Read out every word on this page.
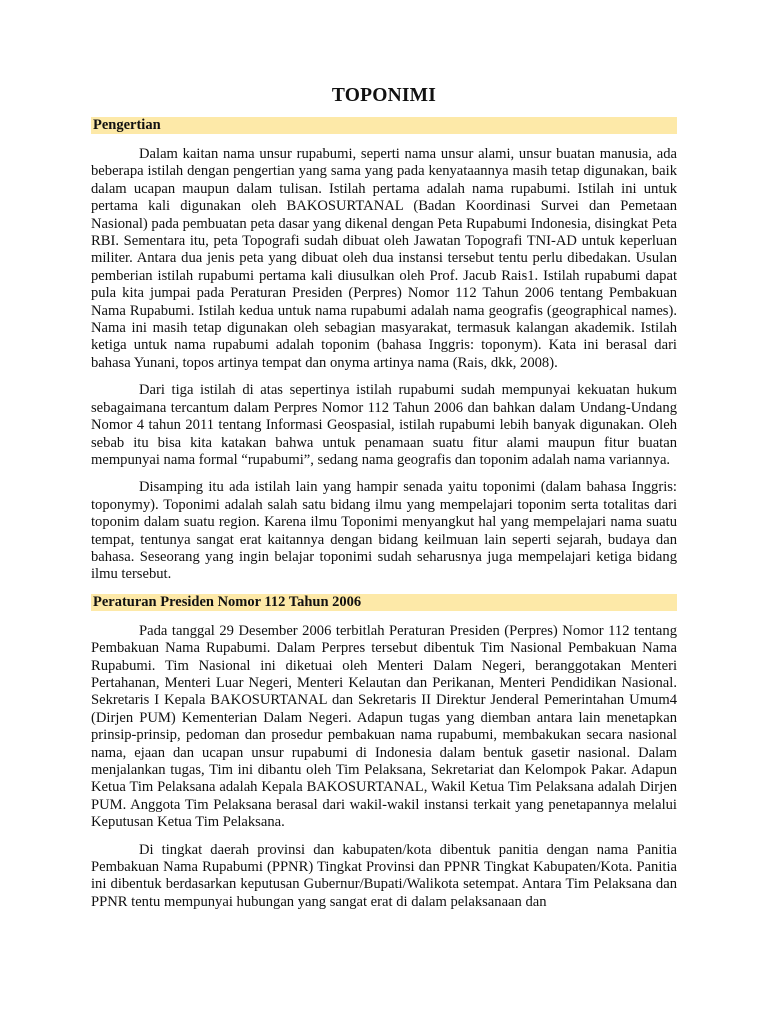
TOPONIMI
Pengertian

Dalam kaitan nama unsur rupabumi, seperti nama unsur alami, unsur buatan manusia, ada beberapa istilah dengan pengertian yang sama yang pada kenyataannya masih tetap digunakan, baik dalam ucapan maupun dalam tulisan. Istilah pertama adalah nama rupabumi. Istilah ini untuk pertama kali digunakan oleh BAKOSURTANAL (Badan Koordinasi Survei dan Pemetaan Nasional) pada pembuatan peta dasar yang dikenal dengan Peta Rupabumi Indonesia, disingkat Peta RBI. Sementara itu, peta Topografi sudah dibuat oleh Jawatan Topografi TNI-AD untuk keperluan militer. Antara dua jenis peta yang dibuat oleh dua instansi tersebut tentu perlu dibedakan. Usulan pemberian istilah rupabumi pertama kali diusulkan oleh Prof. Jacub Rais1. Istilah rupabumi dapat pula kita jumpai pada Peraturan Presiden (Perpres) Nomor 112 Tahun 2006 tentang Pembakuan Nama Rupabumi. Istilah kedua untuk nama rupabumi adalah nama geografis (geographical names). Nama ini masih tetap digunakan oleh sebagian masyarakat, termasuk kalangan akademik. Istilah ketiga untuk nama rupabumi adalah toponim (bahasa Inggris: toponym). Kata ini berasal dari bahasa Yunani, topos artinya tempat dan onyma artinya nama (Rais, dkk, 2008).

Dari tiga istilah di atas sepertinya istilah rupabumi sudah mempunyai kekuatan hukum sebagaimana tercantum dalam Perpres Nomor 112 Tahun 2006 dan bahkan dalam Undang-Undang Nomor 4 tahun 2011 tentang Informasi Geospasial, istilah rupabumi lebih banyak digunakan. Oleh sebab itu bisa kita katakan bahwa untuk penamaan suatu fitur alami maupun fitur buatan mempunyai nama formal “rupabumi”, sedang nama geografis dan toponim adalah nama variannya.

Disamping itu ada istilah lain yang hampir senada yaitu toponimi (dalam bahasa Inggris: toponymy). Toponimi adalah salah satu bidang ilmu yang mempelajari toponim serta totalitas dari toponim dalam suatu region. Karena ilmu Toponimi menyangkut hal yang mempelajari nama suatu tempat, tentunya sangat erat kaitannya dengan bidang keilmuan lain seperti sejarah, budaya dan bahasa. Seseorang yang ingin belajar toponimi sudah seharusnya juga mempelajari ketiga bidang ilmu tersebut.

Peraturan Presiden Nomor 112 Tahun 2006

Pada tanggal 29 Desember 2006 terbitlah Peraturan Presiden (Perpres) Nomor 112 tentang Pembakuan Nama Rupabumi. Dalam Perpres tersebut dibentuk Tim Nasional Pembakuan Nama Rupabumi. Tim Nasional ini diketuai oleh Menteri Dalam Negeri, beranggotakan Menteri Pertahanan, Menteri Luar Negeri, Menteri Kelautan dan Perikanan, Menteri Pendidikan Nasional. Sekretaris I Kepala BAKOSURTANAL dan Sekretaris II Direktur Jenderal Pemerintahan Umum4 (Dirjen PUM) Kementerian Dalam Negeri. Adapun tugas yang diemban antara lain menetapkan prinsip-prinsip, pedoman dan prosedur pembakuan nama rupabumi, membakukan secara nasional nama, ejaan dan ucapan unsur rupabumi di Indonesia dalam bentuk gasetir nasional. Dalam menjalankan tugas, Tim ini dibantu oleh Tim Pelaksana, Sekretariat dan Kelompok Pakar. Adapun Ketua Tim Pelaksana adalah Kepala BAKOSURTANAL, Wakil Ketua Tim Pelaksana adalah Dirjen PUM. Anggota Tim Pelaksana berasal dari wakil-wakil instansi terkait yang penetapannya melalui Keputusan Ketua Tim Pelaksana.

Di tingkat daerah provinsi dan kabupaten/kota dibentuk panitia dengan nama Panitia Pembakuan Nama Rupabumi (PPNR) Tingkat Provinsi dan PPNR Tingkat Kabupaten/Kota. Panitia ini dibentuk berdasarkan keputusan Gubernur/Bupati/Walikota setempat. Antara Tim Pelaksana dan PPNR tentu mempunyai hubungan yang sangat erat di dalam pelaksanaan dan
